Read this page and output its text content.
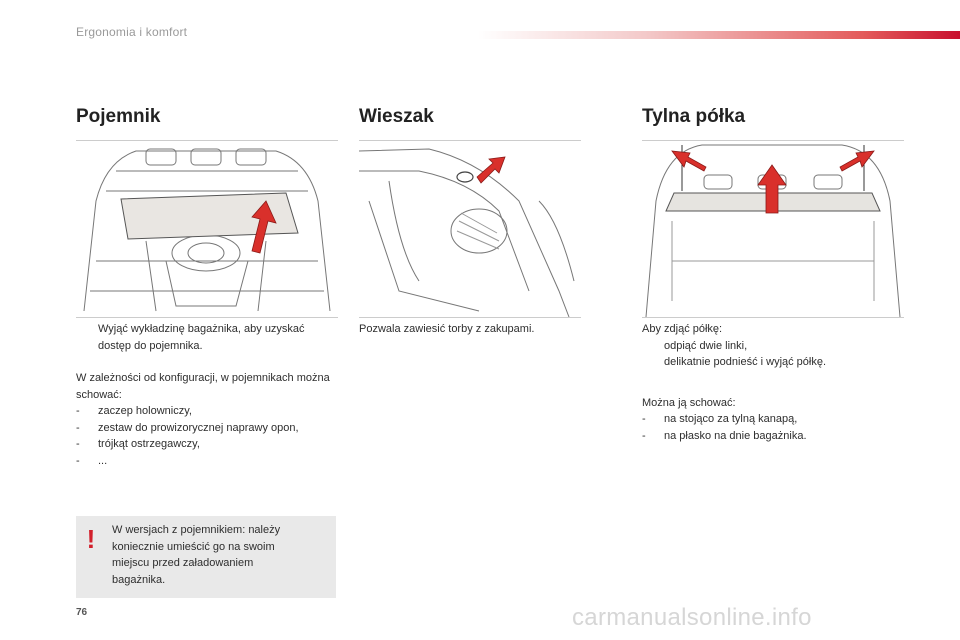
Ergonomia i komfort
Pojemnik
Wyjąć wykładzinę bagażnika, aby uzyskać dostęp do pojemnika.
W zależności od konfiguracji, w pojemnikach można schować:
- zaczep holowniczy,
- zestaw do prowizorycznej naprawy opon,
- trójkąt ostrzegawczy,
- ...
Wieszak
Pozwala zawiesić torby z zakupami.
Tylna półka
Aby zdjąć półkę:
odpiąć dwie linki,
delikatnie podnieść i wyjąć półkę.
Można ją schować:
- na stojąco za tylną kanapą,
- na płasko na dnie bagażnika.
! W wersjach z pojemnikiem: należy koniecznie umieścić go na swoim miejscu przed załadowaniem bagażnika.
76	carmanualsonline.info
